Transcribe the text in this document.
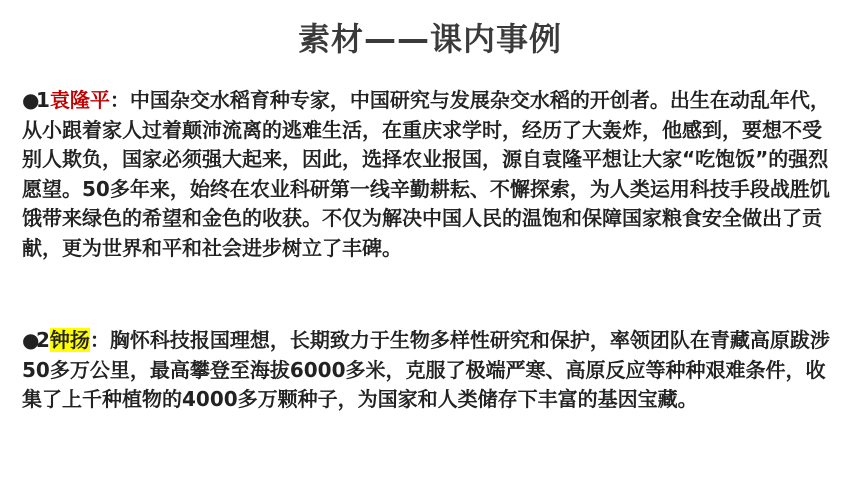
素材——课内事例
●1袁隆平：中国杂交水稻育种专家，中国研究与发展杂交水稻的开创者。出生在动乱年代，从小跟着家人过着颠沛流离的逃难生活，在重庆求学时，经历了大轰炸，他感到，要想不受别人欺负，国家必须强大起来，因此，选择农业报国，源自袁隆平想让大家“吃饱饭”的强烈愿望。50多年来，始终在农业科研第一线辛勤耕耘、不懈探索，为人类运用科技手段战胜饥饿带来绿色的希望和金色的收获。不仅为解决中国人民的温饱和保障国家粮食安全做出了贡献，更为世界和平和社会进步树立了丰碑。
●2钟扬：胸怀科技报国理想，长期致力于生物多样性研究和保护，率领团队在青藏高原跋涉50多万公里，最高攀登至海拔6000多米，克服了极端严寒、高原反应等种种艰难条件，收集了上千种植物的4000多万颗种子，为国家和人类储存下丰富的基因宝藏。
